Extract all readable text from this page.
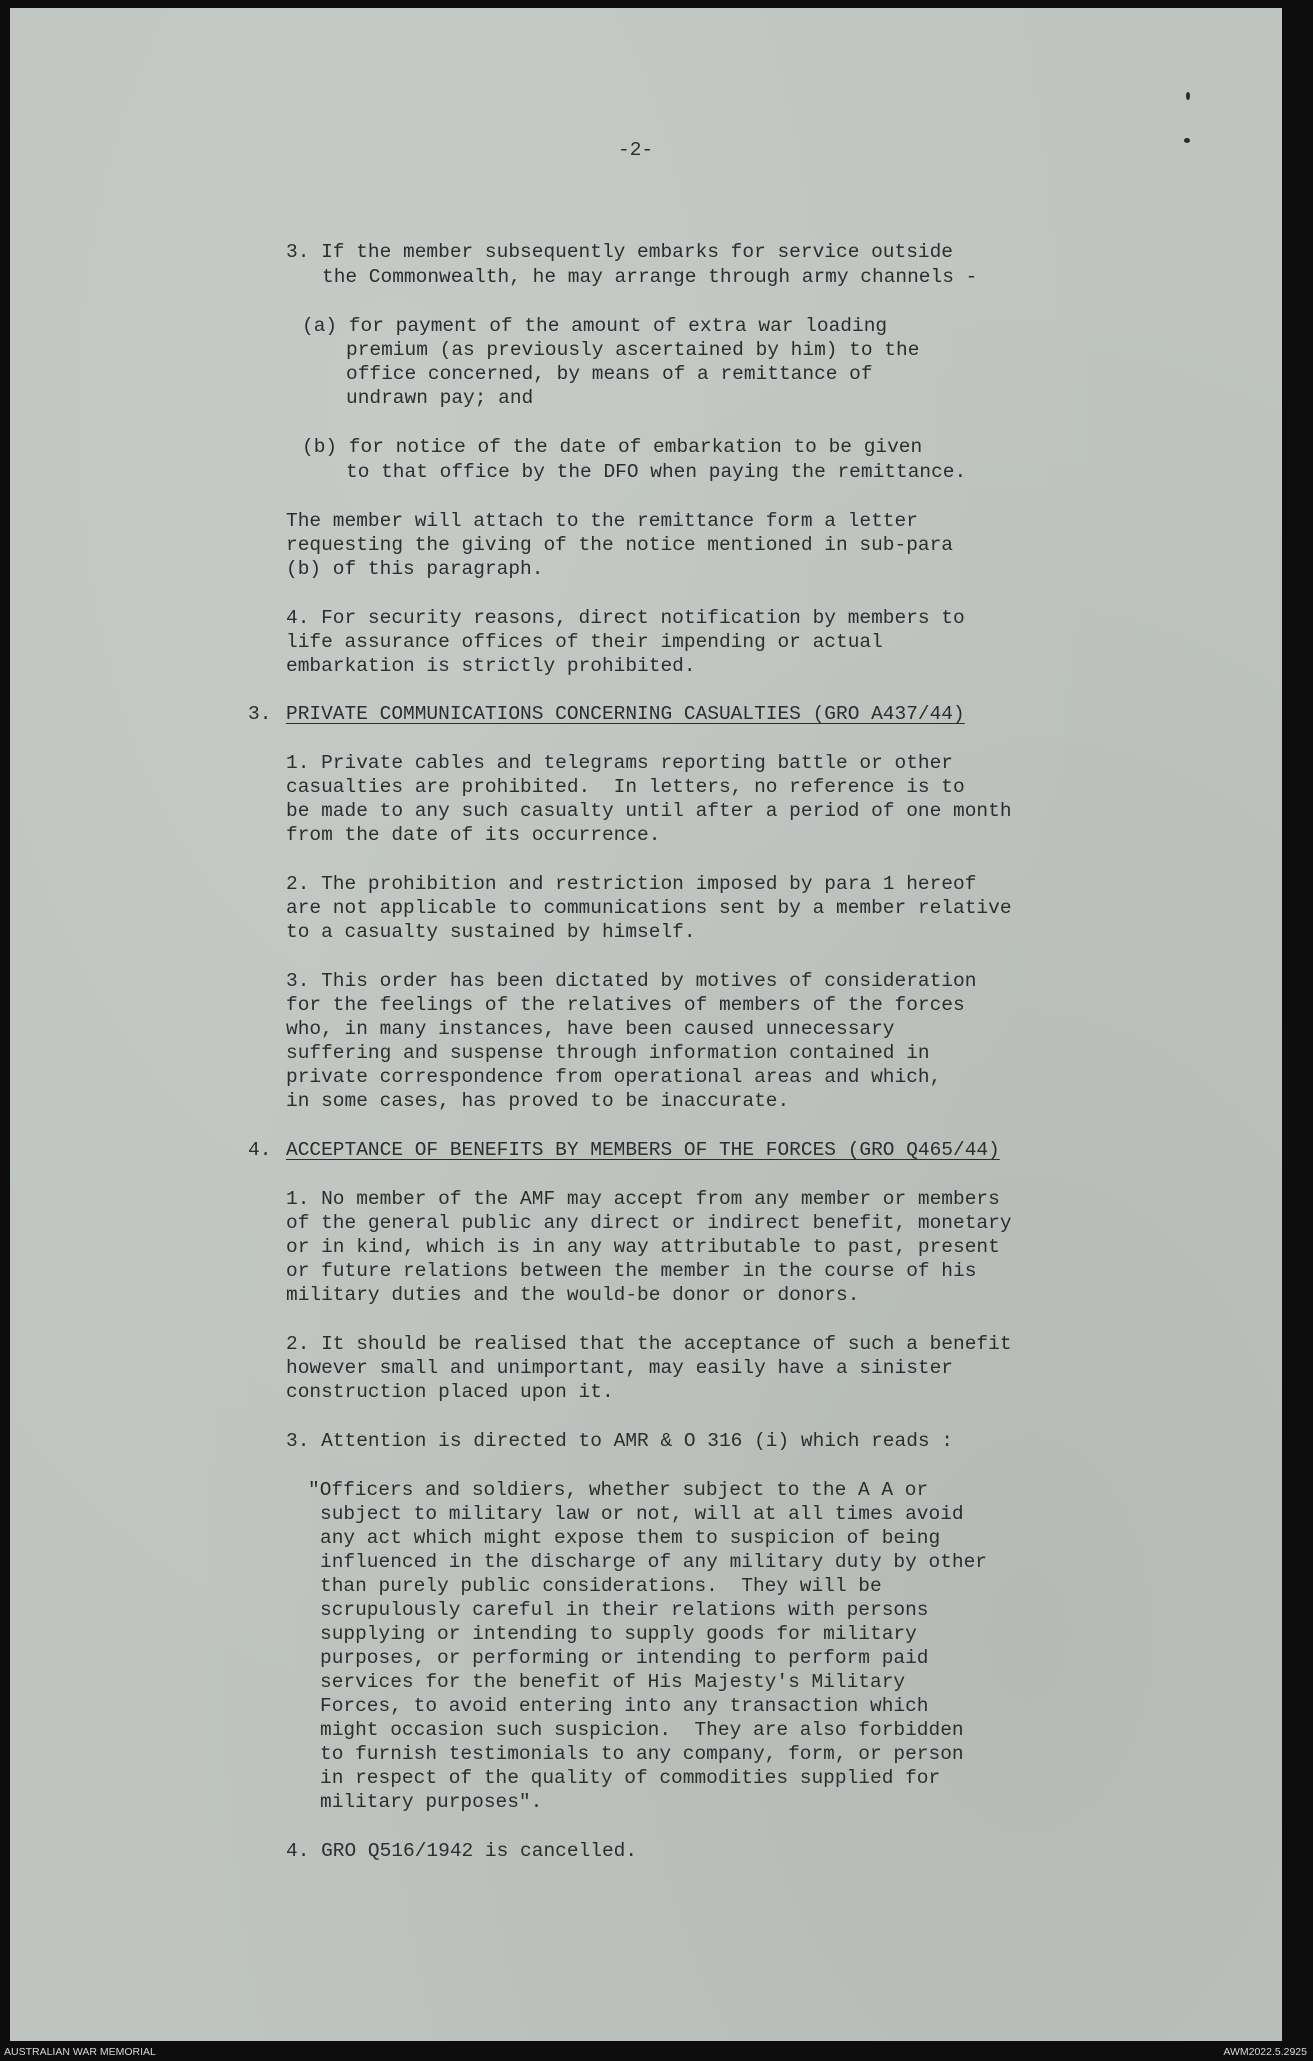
-2-
3. If the member subsequently embarks for service outside
the Commonwealth, he may arrange through army channels -
(a) for payment of the amount of extra war loading
premium (as previously ascertained by him) to the
office concerned, by means of a remittance of
undrawn pay; and
(b) for notice of the date of embarkation to be given
to that office by the DFO when paying the remittance.
The member will attach to the remittance form a letter
requesting the giving of the notice mentioned in sub-para
(b) of this paragraph.
4. For security reasons, direct notification by members to
life assurance offices of their impending or actual
embarkation is strictly prohibited.
3. PRIVATE COMMUNICATIONS CONCERNING CASUALTIES (GRO A437/44)
1. Private cables and telegrams reporting battle or other
casualties are prohibited.  In letters, no reference is to
be made to any such casualty until after a period of one month
from the date of its occurrence.
2. The prohibition and restriction imposed by para 1 hereof
are not applicable to communications sent by a member relative
to a casualty sustained by himself.
3. This order has been dictated by motives of consideration
for the feelings of the relatives of members of the forces
who, in many instances, have been caused unnecessary
suffering and suspense through information contained in
private correspondence from operational areas and which,
in some cases, has proved to be inaccurate.
4. ACCEPTANCE OF BENEFITS BY MEMBERS OF THE FORCES (GRO Q465/44)
1. No member of the AMF may accept from any member or members
of the general public any direct or indirect benefit, monetary
or in kind, which is in any way attributable to past, present
or future relations between the member in the course of his
military duties and the would-be donor or donors.
2. It should be realised that the acceptance of such a benefit
however small and unimportant, may easily have a sinister
construction placed upon it.
3. Attention is directed to AMR & O 316 (i) which reads :
"Officers and soldiers, whether subject to the A A or
subject to military law or not, will at all times avoid
any act which might expose them to suspicion of being
influenced in the discharge of any military duty by other
than purely public considerations.  They will be
scrupulously careful in their relations with persons
supplying or intending to supply goods for military
purposes, or performing or intending to perform paid
services for the benefit of His Majesty's Military
Forces, to avoid entering into any transaction which
might occasion such suspicion.  They are also forbidden
to furnish testimonials to any company, form, or person
in respect of the quality of commodities supplied for
military purposes".
4. GRO Q516/1942 is cancelled.
AUSTRALIAN WAR MEMORIAL	AWM2022.5.2925
